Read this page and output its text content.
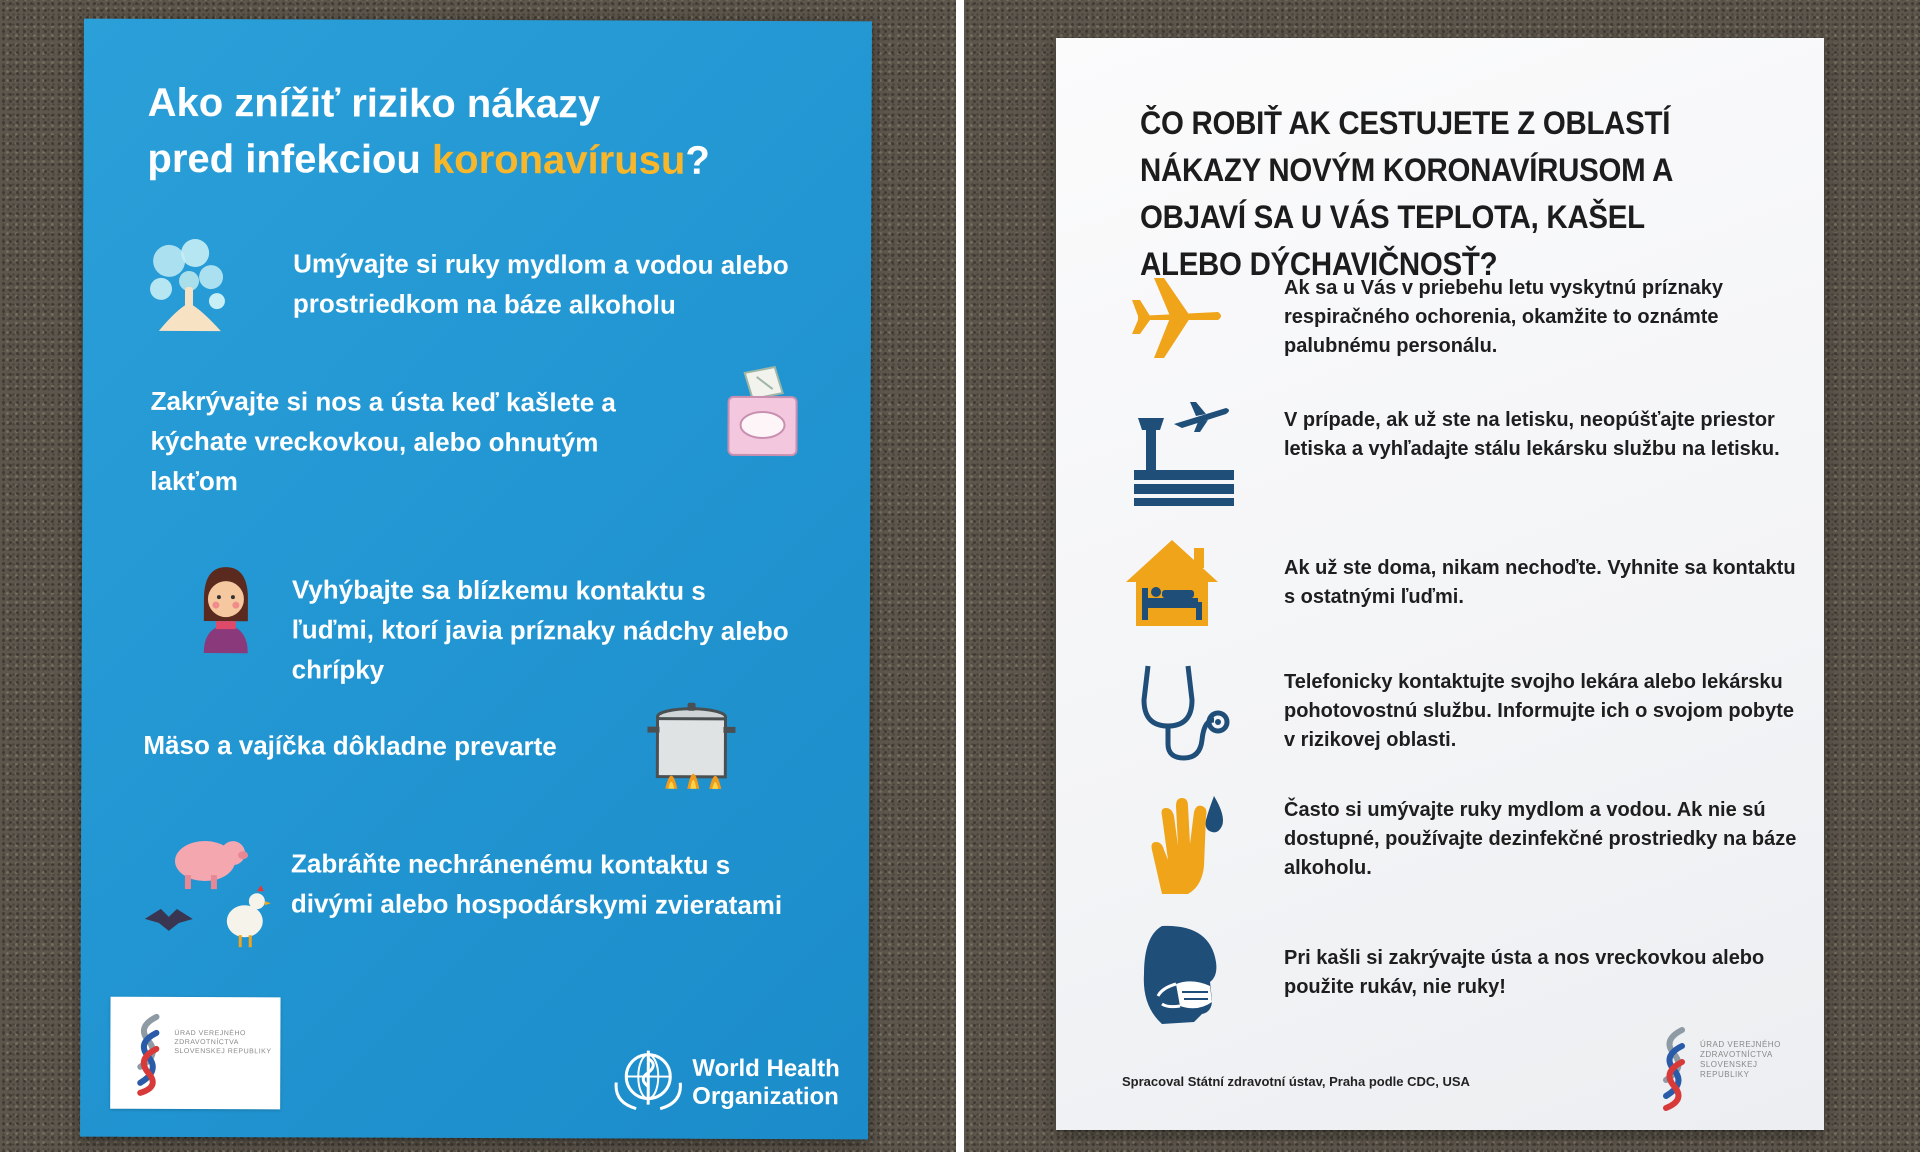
Ako znížiť riziko nákazy
pred infekciou koronavírusu?
Umývajte si ruky mydlom a vodou alebo prostriedkom na báze alkoholu
Zakrývajte si nos a ústa keď kašlete a kýchate vreckovkou, alebo ohnutým lakťom
Vyhýbajte sa blízkemu kontaktu s ľuďmi, ktorí javia príznaky nádchy alebo chrípky
Mäso a vajíčka dôkladne prevarte
Zabráňte nechránenému kontaktu s divými alebo hospodárskymi zvieratami
ÚRAD VEREJNÉHO ZDRAVOTNÍCTVA SLOVENSKEJ REPUBLIKY
World Health
Organization
ČO ROBIŤ AK CESTUJETE Z OBLASTÍ NÁKAZY NOVÝM KORONAVÍRUSOM A OBJAVÍ SA U VÁS TEPLOTA, KAŠEL ALEBO DÝCHAVIČNOSŤ?
Ak sa u Vás v priebehu letu vyskytnú príznaky respiračného ochorenia, okamžite to oznámte palubnému personálu.
V prípade, ak už ste na letisku, neopúšťajte priestor letiska a vyhľadajte stálu lekársku službu na letisku.
Ak už ste doma, nikam nechoďte. Vyhnite sa kontaktu s ostatnými ľuďmi.
Telefonicky kontaktujte svojho lekára alebo lekársku pohotovostnú službu. Informujte ich o svojom pobyte v rizikovej oblasti.
Často si umývajte ruky mydlom a vodou. Ak nie sú dostupné, používajte dezinfekčné prostriedky na báze alkoholu.
Pri kašli si zakrývajte ústa a nos vreckovkou alebo použite rukáv, nie ruky!
Spracoval Státní zdravotní ústav, Praha podle CDC, USA
ÚRAD VEREJNÉHO ZDRAVOTNÍCTVA SLOVENSKEJ REPUBLIKY
